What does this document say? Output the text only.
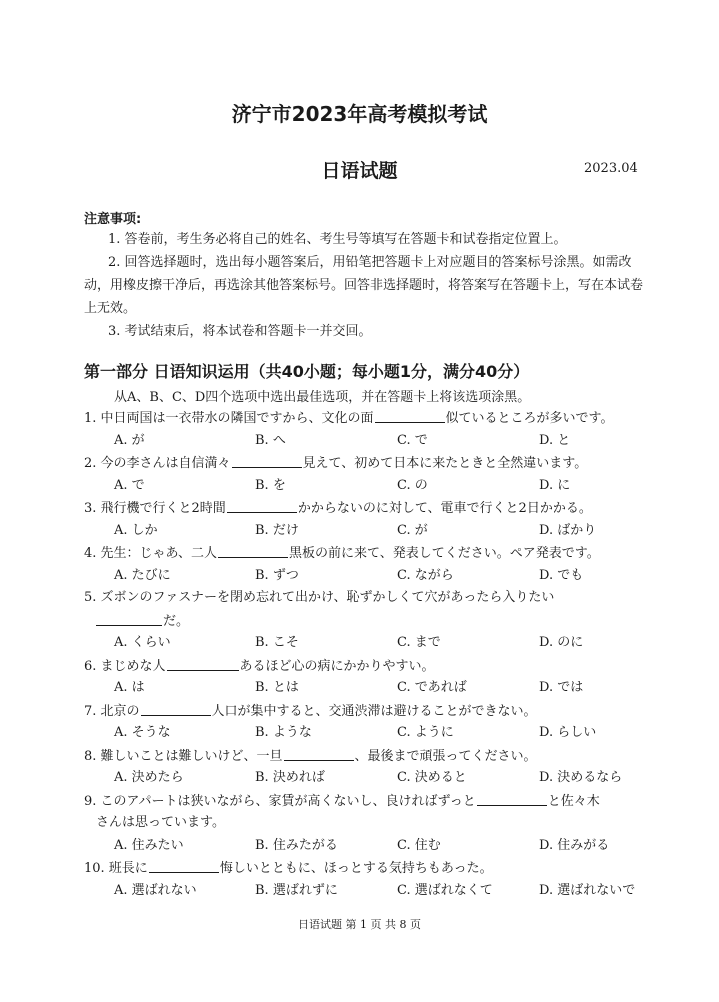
济宁市2023年高考模拟考试
日语试题	2023.04
注意事项:

1. 答卷前，考生务必将自己的姓名、考生号等填写在答题卡和试卷指定位置上。

2. 回答选择题时，选出每小题答案后，用铅笔把答题卡上对应题目的答案标号涂黑。如需改动，用橡皮擦干净后，再选涂其他答案标号。回答非选择题时，将答案写在答题卡上，写在本试卷上无效。

3. 考试结束后，将本试卷和答题卡一并交回。

第一部分 日语知识运用（共40小题；每小题1分，满分40分）
从A、B、C、D四个选项中选出最佳选项，并在答题卡上将该选项涂黑。
1. 中日両国は一衣帯水の隣国ですから、文化の面	似ているところが多いです。
A. が	B. へ	C. で	D. と
2. 今の李さんは自信満々	見えて、初めて日本に来たときと全然違います。
A. で	B. を	C. の	D. に
3. 飛行機で行くと2時間	かからないのに対して、電車で行くと2日かかる。
A. しか	B. だけ	C. が	D. ばかり
4. 先生：じゃあ、二人	黒板の前に来て、発表してください。ペア発表です。
A. たびに	B. ずつ	C. ながら	D. でも
5. ズボンのファスナーを閉め忘れて出かけ、恥ずかしくて穴があったら入りたい
だ。
A. くらい	B. こそ	C. まで	D. のに
6. まじめな人	あるほど心の病にかかりやすい。
A. は	B. とは	C. であれば	D. では
7. 北京の	人口が集中すると、交通渋滞は避けることができない。
A. そうな	B. ような	C. ように	D. らしい
8. 難しいことは難しいけど、一旦	、最後まで頑張ってください。
A. 決めたら	B. 決めれば	C. 決めると	D. 決めるなら
9. このアパートは狭いながら、家賃が高くないし、良ければずっと	と佐々木
さんは思っています。
A. 住みたい	B. 住みたがる	C. 住む	D. 住みがる
10. 班長に	悔しいとともに、ほっとする気持ちもあった。
A. 選ばれない	B. 選ばれずに	C. 選ばれなくて	D. 選ばれないで
日语试题 第 1 页 共 8 页
